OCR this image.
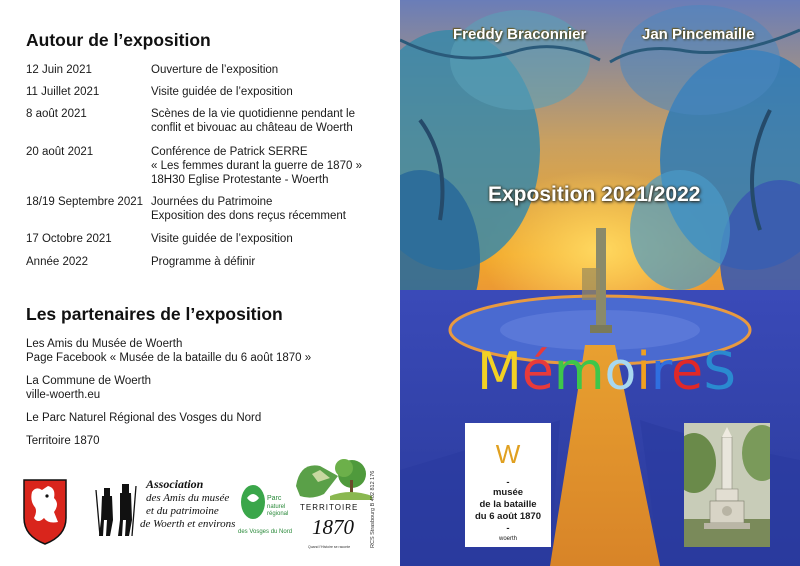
Autour de l’exposition
12 Juin 2021	Ouverture de l’exposition
11 Juillet 2021	Visite guidée de l’exposition
8 août 2021	Scènes de la vie quotidienne pendant le
conflit et bivouac au château de Woerth
20 août 2021	Conférence de Patrick SERRE
« Les femmes durant la guerre de 1870 »
18H30 Eglise Protestante - Woerth
18/19 Septembre 2021 Journées du Patrimoine
Exposition des dons reçus récemment
17 Octobre 2021	Visite guidée de l’exposition
Année 2022	Programme à définir
Les partenaires de l’exposition
Les Amis du Musée de Woerth
Page Facebook « Musée de la bataille du 6 août 1870 »
La Commune de Woerth
ville-woerth.eu
Le Parc Naturel Régional des Vosges du Nord
Territoire 1870
Association
des Amis du musée
et du patrimoine
de Woerth et environs
Parc
naturel
régional
des Vosges du Nord
TERRITOIRE
1870
Quand l’Histoire se raconte	RCS Strasbourg B 402 812 176
Freddy Braconnier	Jan Pincemaille
Exposition 2021/2022
MémoireS
W
-
musée
de la bataille
du 6 août 1870
-
woerth
